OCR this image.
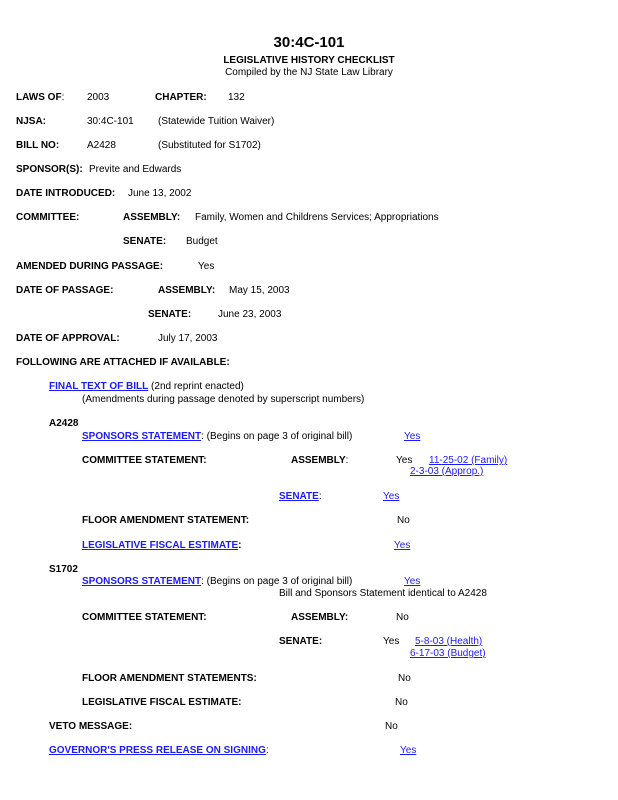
30:4C-101
LEGISLATIVE HISTORY CHECKLIST
Compiled by the NJ State Law Library
LAWS OF: 2003	CHAPTER: 132
NJSA:	30:4C-101 (Statewide Tuition Waiver)
BILL NO:	A2428	(Substituted for S1702)
SPONSOR(S): Previte and Edwards
DATE INTRODUCED: June 13, 2002
COMMITTEE:	ASSEMBLY: Family, Women and Childrens Services; Appropriations
SENATE: Budget
AMENDED DURING PASSAGE:	Yes
DATE OF PASSAGE:	ASSEMBLY: May 15, 2003
SENATE:	June 23, 2003
DATE OF APPROVAL:	July 17, 2003
FOLLOWING ARE ATTACHED IF AVAILABLE:
FINAL TEXT OF BILL (2nd reprint enacted)
(Amendments during passage denoted by superscript numbers)
A2428
SPONSORS STATEMENT: (Begins on page 3 of original bill)	Yes
COMMITTEE STATEMENT:	ASSEMBLY:	Yes 11-25-02 (Family)
2-3-03 (Approp.)
SENATE:	Yes
FLOOR AMENDMENT STATEMENT:	No
LEGISLATIVE FISCAL ESTIMATE:	Yes
S1702
SPONSORS STATEMENT: (Begins on page 3 of original bill)	Yes
Bill and Sponsors Statement identical to A2428
COMMITTEE STATEMENT:	ASSEMBLY:	No
SENATE:	Yes 5-8-03 (Health)
6-17-03 (Budget)
FLOOR AMENDMENT STATEMENTS:	No
LEGISLATIVE FISCAL ESTIMATE:	No
VETO MESSAGE:	No
GOVERNOR'S PRESS RELEASE ON SIGNING:	Yes
